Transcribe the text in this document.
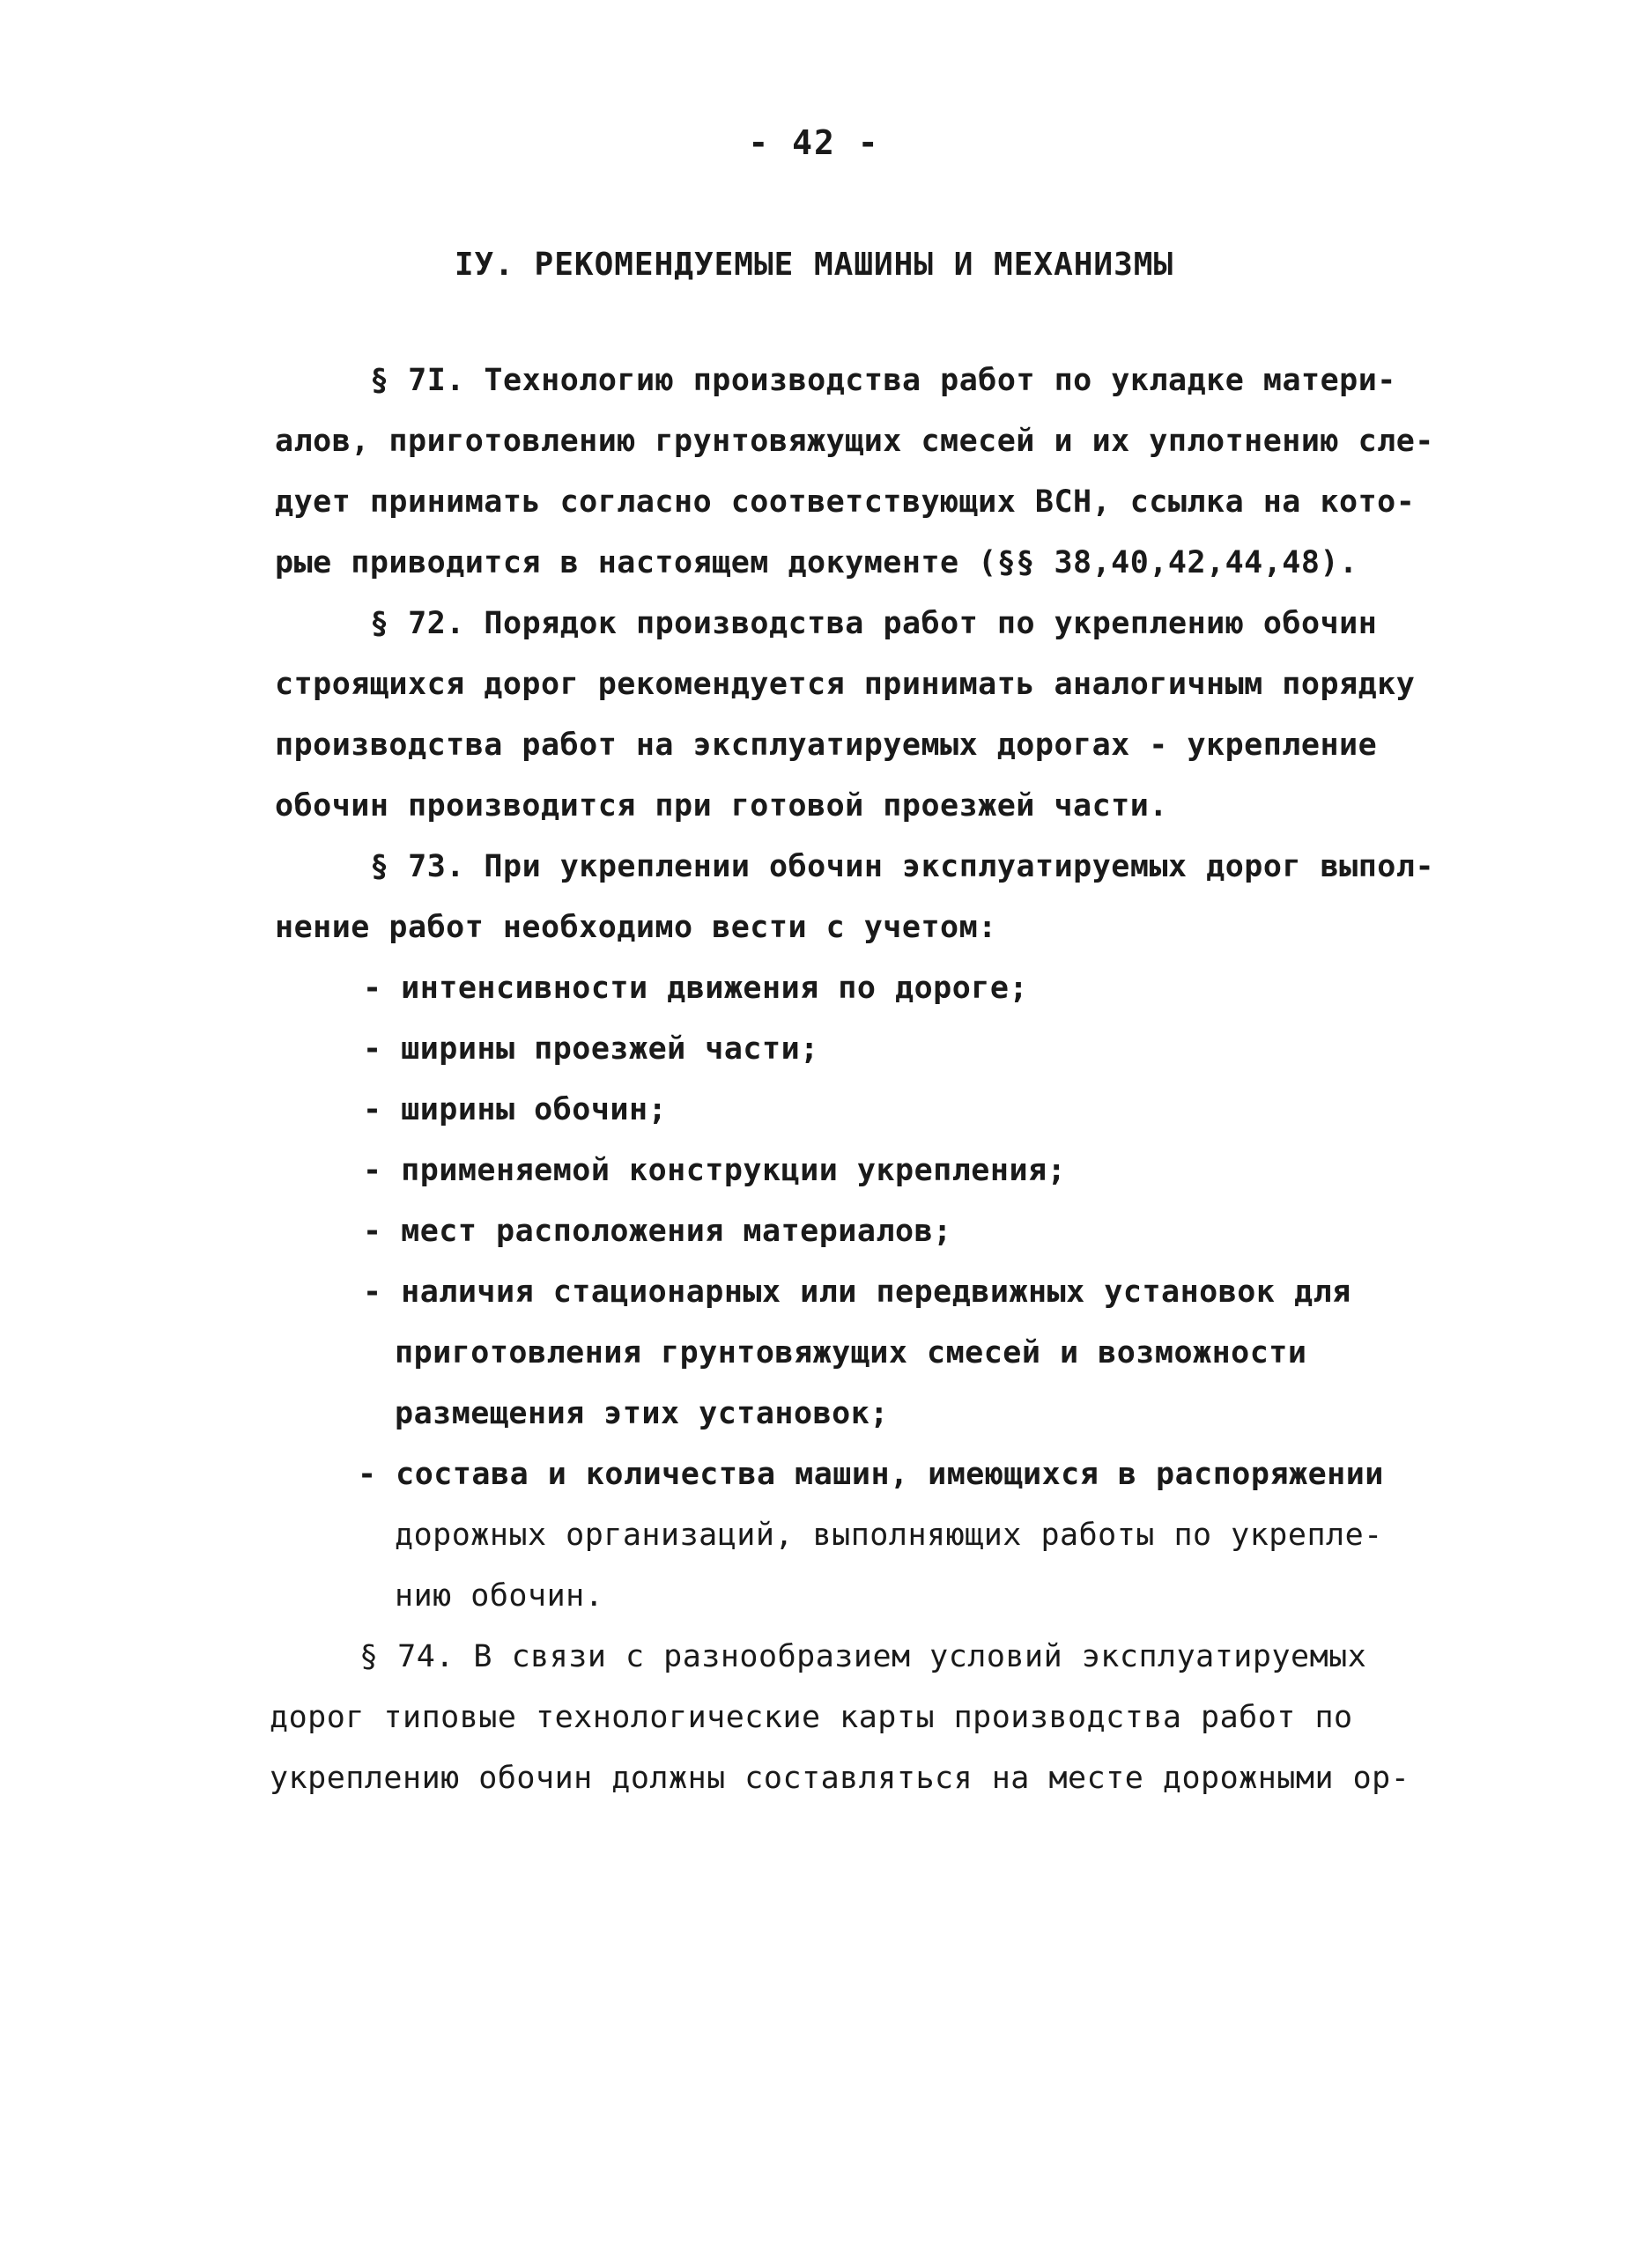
- 42 -
IУ. РЕКОМЕНДУЕМЫЕ МАШИНЫ И МЕХАНИЗМЫ
§ 7I. Технологию производства работ по укладке матери-
алов, приготовлению грунтовяжущих смесей и их уплотнению сле-
дует принимать согласно соответствующих ВСН, ссылка на кото-
рые приводится в настоящем документе (§§ 38,40,42,44,48).
§ 72. Порядок производства работ по укреплению обочин
строящихся дорог рекомендуется принимать аналогичным порядку
производства работ на эксплуатируемых дорогах - укрепление
обочин производится при готовой проезжей части.
§ 73. При укреплении обочин эксплуатируемых дорог выпол-
нение работ необходимо вести с учетом:
- интенсивности движения по дороге;
- ширины проезжей части;
- ширины обочин;
- применяемой конструкции укрепления;
- мест расположения материалов;
- наличия стационарных или передвижных установок для
приготовления грунтовяжущих смесей и возможности
размещения этих установок;
- состава и количества машин, имеющихся в распоряжении
дорожных организаций, выполняющих работы по укрепле-
нию обочин.
§ 74. В связи с разнообразием условий эксплуатируемых
дорог типовые технологические карты производства работ по
укреплению обочин должны составляться на месте дорожными ор-
